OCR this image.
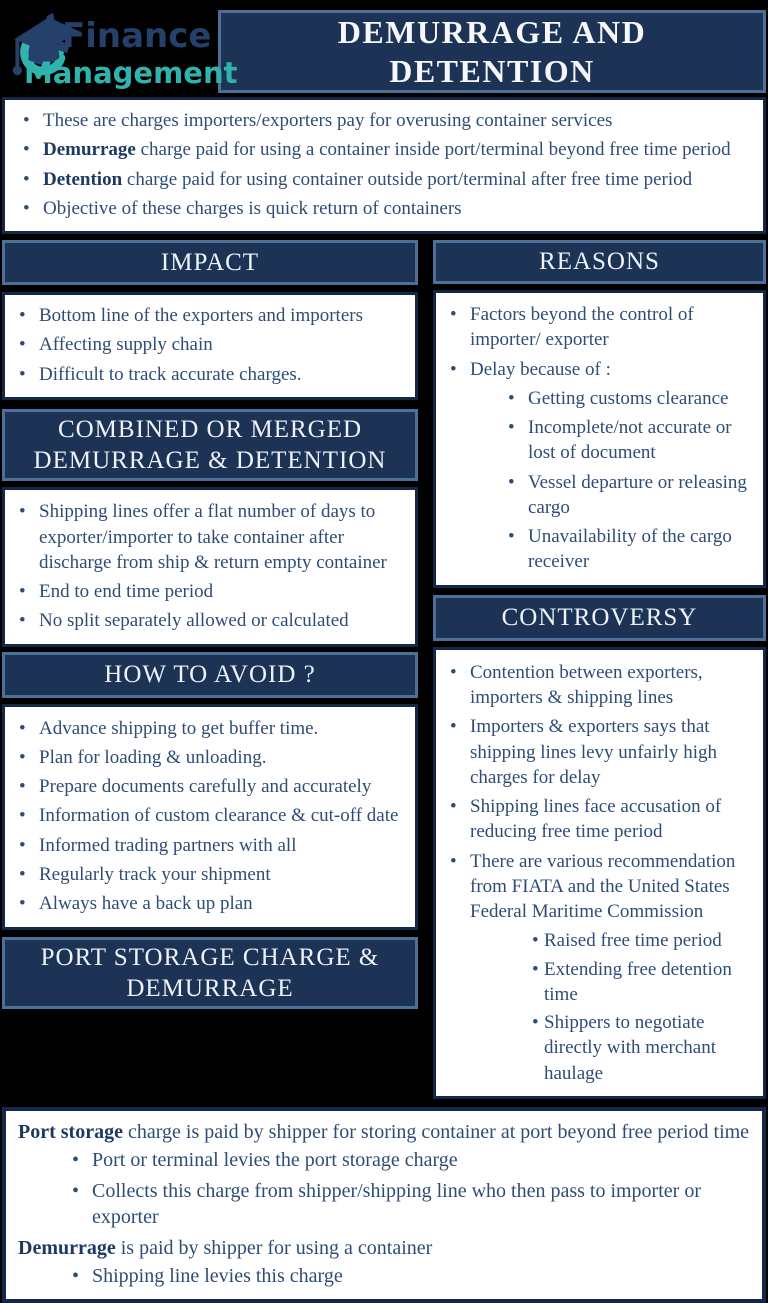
Finance
Management
DEMURRAGE AND
DETENTION
• These are charges importers/exporters pay for overusing container services
• Demurrage charge paid for using a container inside port/terminal beyond free time period
• Detention charge paid for using container outside port/terminal after free time period
• Objective of these charges is quick return of containers
IMPACT
• Bottom line of the exporters and importers
• Affecting supply chain
• Difficult to track accurate charges.
COMBINED OR MERGED DEMURRAGE & DETENTION
• Shipping lines offer a flat number of days to exporter/importer to take container after discharge from ship & return empty container
• End to end time period
• No split separately allowed or calculated
HOW TO AVOID ?
• Advance shipping to get buffer time.
• Plan for loading & unloading.
• Prepare documents carefully and accurately
• Information of custom clearance & cut-off date
• Informed trading partners with all
• Regularly track your shipment
• Always have a back up plan
PORT STORAGE CHARGE & DEMURRAGE
REASONS
• Factors beyond the control of importer/ exporter
• Delay because of :
• Getting customs clearance
• Incomplete/not accurate or lost of document
• Vessel departure or releasing cargo
• Unavailability of the cargo receiver
CONTROVERSY
• Contention between exporters, importers & shipping lines
• Importers & exporters says that shipping lines levy unfairly high charges for delay
• Shipping lines face accusation of reducing free time period
• There are various recommendation from FIATA and the United States Federal Maritime Commission
• Raised free time period
• Extending free detention time
• Shippers to negotiate directly with merchant haulage

Port storage charge is paid by shipper for storing container at port beyond free period time

• Port or terminal levies the port storage charge
• Collects this charge from shipper/shipping line who then pass to importer or exporter

Demurrage is paid by shipper for using a container

• Shipping line levies this charge
